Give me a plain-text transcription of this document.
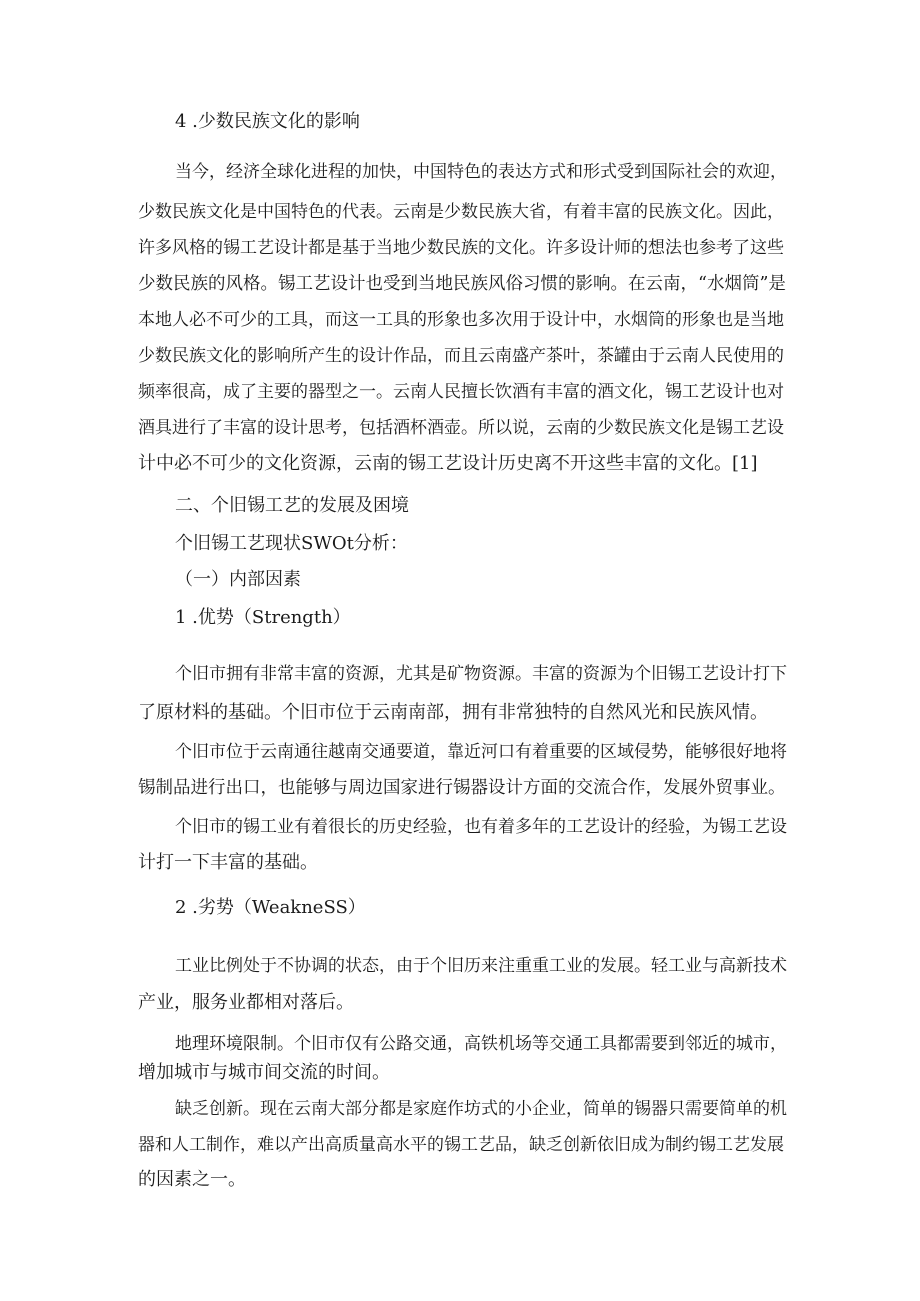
4 .少数民族文化的影响

当今，经济全球化进程的加快，中国特色的表达方式和形式受到国际社会的欢迎，

少数民族文化是中国特色的代表。云南是少数民族大省，有着丰富的民族文化。因此，

许多风格的锡工艺设计都是基于当地少数民族的文化。许多设计师的想法也参考了这些

少数民族的风格。锡工艺设计也受到当地民族风俗习惯的影响。在云南，“水烟筒”是

本地人必不可少的工具，而这一工具的形象也多次用于设计中，水烟筒的形象也是当地

少数民族文化的影响所产生的设计作品，而且云南盛产茶叶，茶罐由于云南人民使用的

频率很高，成了主要的器型之一。云南人民擅长饮酒有丰富的酒文化，锡工艺设计也对

酒具进行了丰富的设计思考，包括酒杯酒壶。所以说，云南的少数民族文化是锡工艺设

计中必不可少的文化资源，云南的锡工艺设计历史离不开这些丰富的文化。[1]

二、个旧锡工艺的发展及困境

个旧锡工艺现状SWOt分析：

（一）内部因素

1 .优势（Strength）

个旧市拥有非常丰富的资源，尤其是矿物资源。丰富的资源为个旧锡工艺设计打下

了原材料的基础。个旧市位于云南南部，拥有非常独特的自然风光和民族风情。

个旧市位于云南通往越南交通要道，靠近河口有着重要的区域侵势，能够很好地将

锡制品进行出口，也能够与周边国家进行锡器设计方面的交流合作，发展外贸事业。

个旧市的锡工业有着很长的历史经验，也有着多年的工艺设计的经验，为锡工艺设

计打一下丰富的基础。

2 .劣势（WeakneSS）

工业比例处于不协调的状态，由于个旧历来注重重工业的发展。轻工业与高新技术

产业，服务业都相对落后。

地理环境限制。个旧市仅有公路交通，高铁机场等交通工具都需要到邻近的城市，

增加城市与城市间交流的时间。

缺乏创新。现在云南大部分都是家庭作坊式的小企业，简单的锡器只需要简单的机

器和人工制作，难以产出高质量高水平的锡工艺品，缺乏创新依旧成为制约锡工艺发展

的因素之一。
